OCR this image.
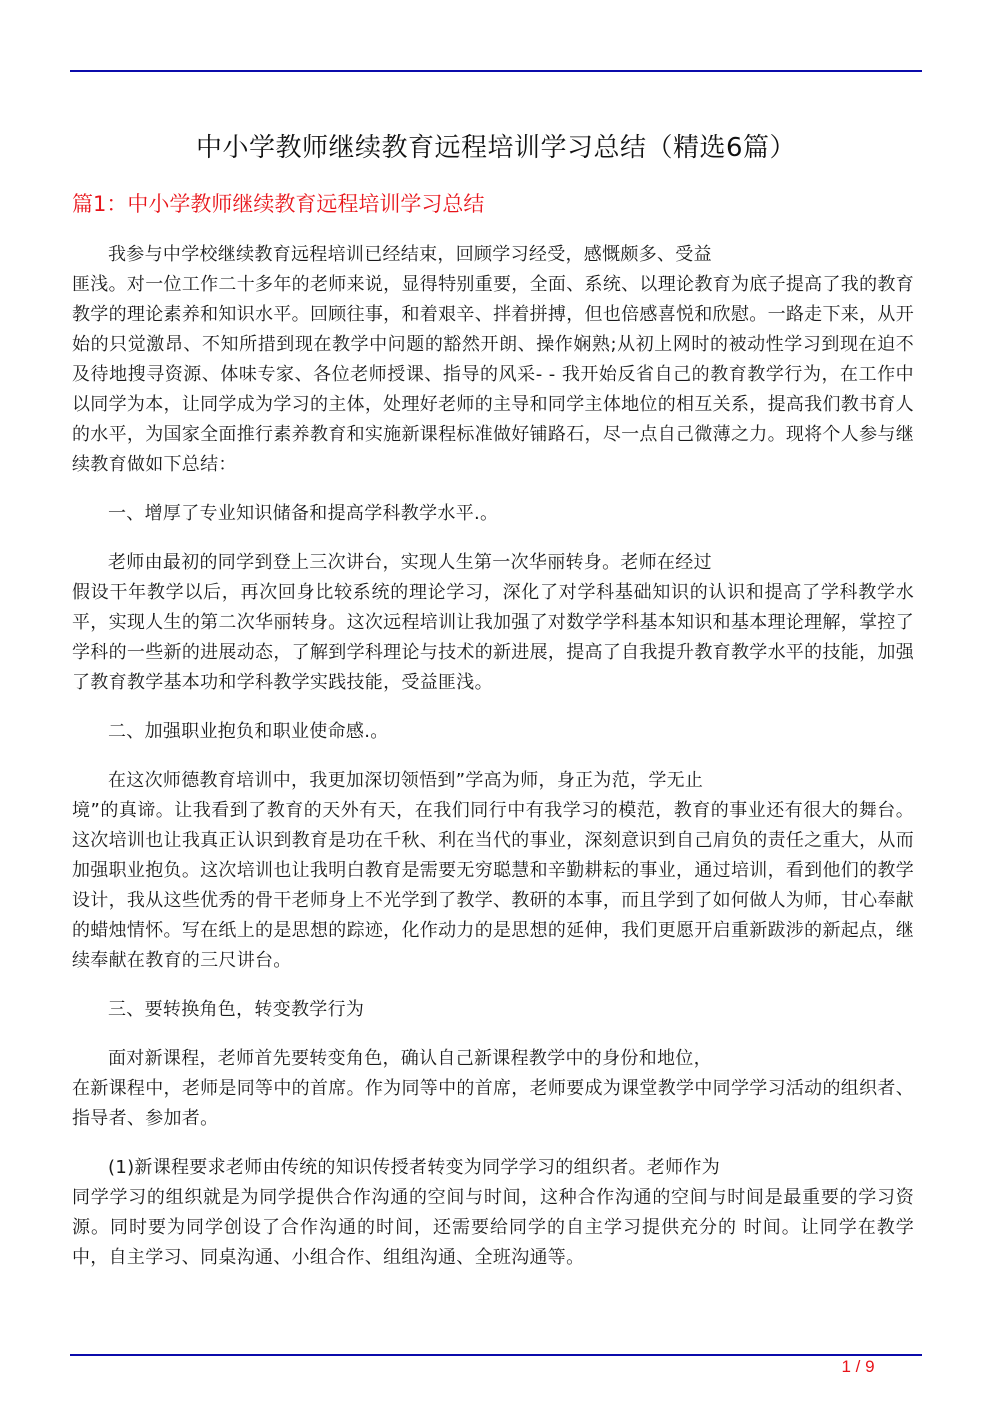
中小学教师继续教育远程培训学习总结（精选6篇）
篇1：中小学教师继续教育远程培训学习总结

我参与中学校继续教育远程培训已经结束，回顾学习经受，感慨颇多、受益
匪浅。对一位工作二十多年的老师来说，显得特别重要，全面、系统、以理论教育为底子提高了我的教育教学的理论素养和知识水平。回顾往事，和着艰辛、拌着拼搏，但也倍感喜悦和欣慰。一路走下来，从开始的只觉激昂、不知所措到现在教学中问题的豁然开朗、操作娴熟;从初上网时的被动性学习到现在迫不及待地搜寻资源、体味专家、各位老师授课、指导的风采- - 我开始反省自己的教育教学行为，在工作中以同学为本，让同学成为学习的主体，处理好老师的主导和同学主体地位的相互关系，提高我们教书育人的水平，为国家全面推行素养教育和实施新课程标准做好铺路石，尽一点自己微薄之力。现将个人参与继续教育做如下总结：

一、增厚了专业知识储备和提高学科教学水平.。

老师由最初的同学到登上三次讲台，实现人生第一次华丽转身。老师在经过
假设干年教学以后，再次回身比较系统的理论学习，深化了对学科基础知识的认识和提高了学科教学水平，实现人生的第二次华丽转身。这次远程培训让我加强了对数学学科基本知识和基本理论理解，掌控了学科的一些新的进展动态，了解到学科理论与技术的新进展，提高了自我提升教育教学水平的技能，加强了教育教学基本功和学科教学实践技能，受益匪浅。

二、加强职业抱负和职业使命感.。

在这次师德教育培训中，我更加深切领悟到”学高为师，身正为范，学无止
境”的真谛。让我看到了教育的天外有天，在我们同行中有我学习的模范，教育的事业还有很大的舞台。这次培训也让我真正认识到教育是功在千秋、利在当代的事业，深刻意识到自己肩负的责任之重大，从而加强职业抱负。这次培训也让我明白教育是需要无穷聪慧和辛勤耕耘的事业，通过培训，看到他们的教学设计，我从这些优秀的骨干老师身上不光学到了教学、教研的本事，而且学到了如何做人为师，甘心奉献的蜡烛情怀。写在纸上的是思想的踪迹，化作动力的是思想的延伸，我们更愿开启重新跋涉的新起点，继续奉献在教育的三尺讲台。

三、要转换角色，转变教学行为

面对新课程，老师首先要转变角色，确认自己新课程教学中的身份和地位，
在新课程中，老师是同等中的首席。作为同等中的首席，老师要成为课堂教学中同学学习活动的组织者、指导者、参加者。

(1)新课程要求老师由传统的知识传授者转变为同学学习的组织者。老师作为
同学学习的组织就是为同学提供合作沟通的空间与时间，这种合作沟通的空间与时间是最重要的学习资源。同时要为同学创设了合作沟通的时间，还需要给同学的自主学习提供充分的 时间。让同学在教学中，自主学习、同桌沟通、小组合作、组组沟通、全班沟通等。

1 / 9
